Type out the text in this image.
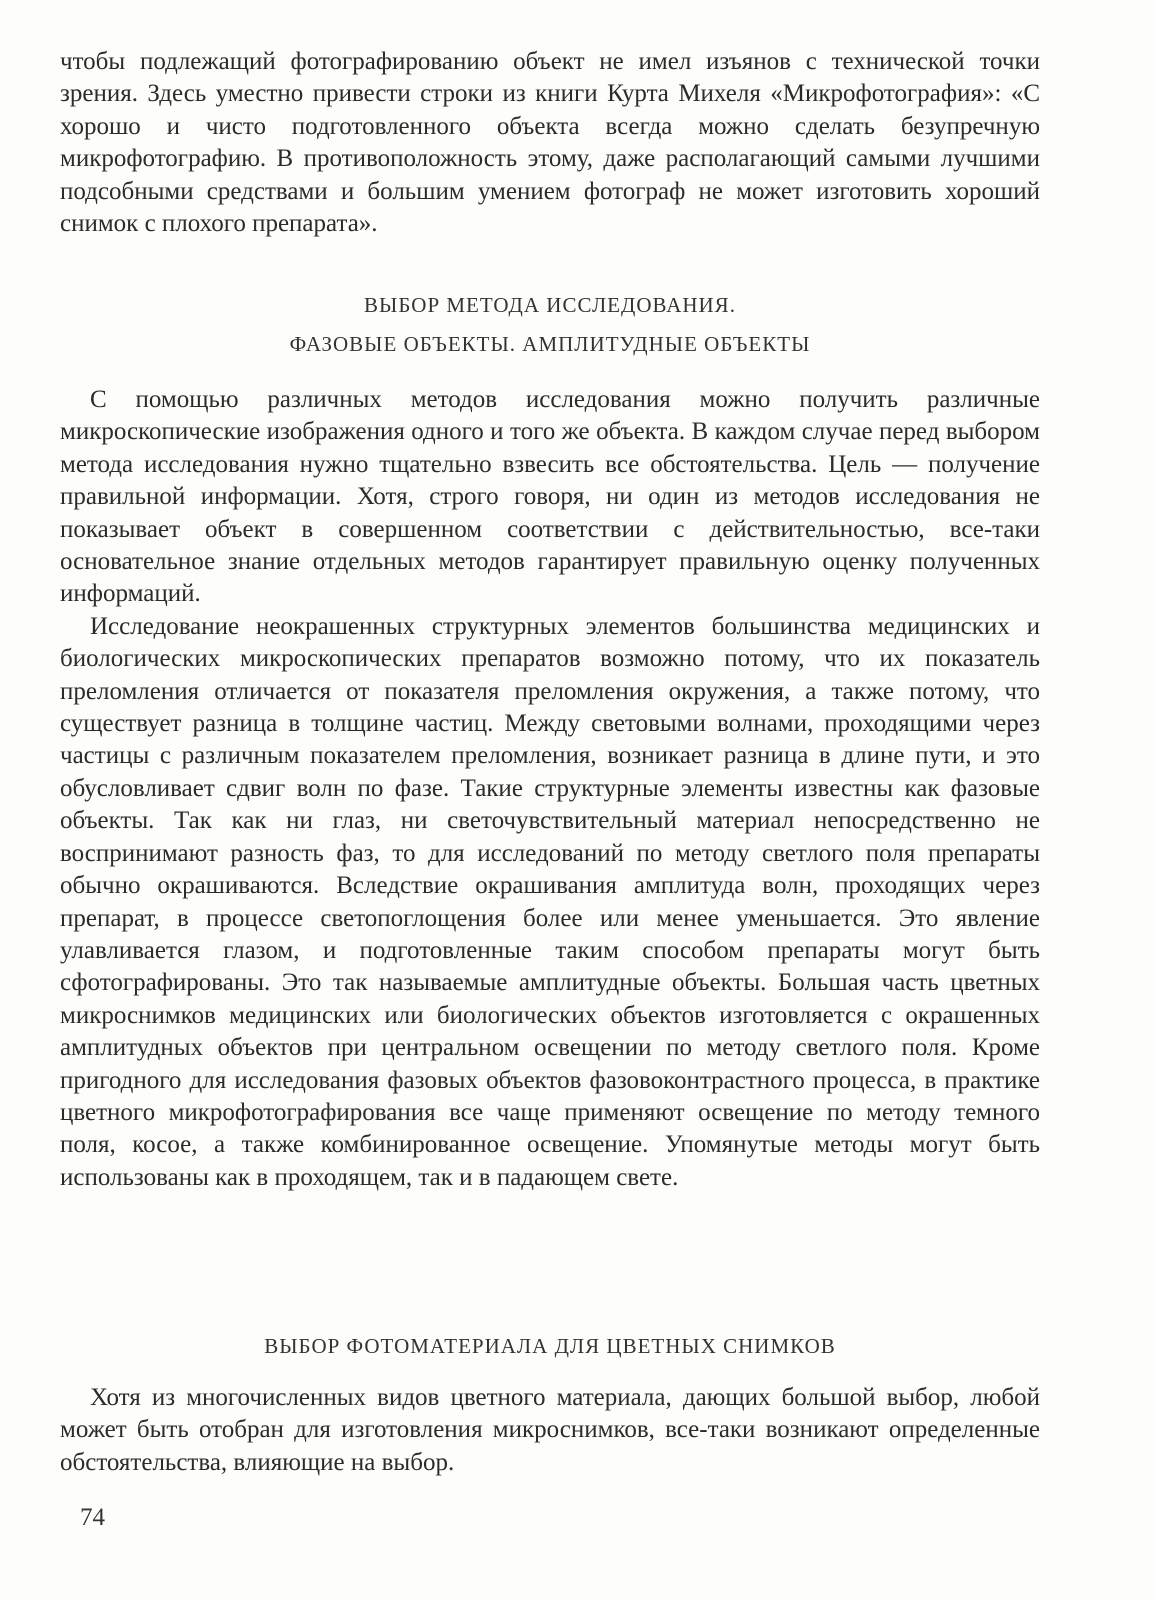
чтобы подлежащий фотографированию объект не имел изъянов с технической точки зрения. Здесь уместно привести строки из книги Курта Михеля «Микрофотография»: «С хорошо и чисто подготовленного объекта всегда можно сделать безупречную микрофотографию. В противоположность этому, даже располагающий самыми лучшими подсобными средствами и большим умением фотограф не может изготовить хороший снимок с плохого препарата».

ВЫБОР МЕТОДА ИССЛЕДОВАНИЯ.
ФАЗОВЫЕ ОБЪЕКТЫ. АМПЛИТУДНЫЕ ОБЪЕКТЫ

С помощью различных методов исследования можно получить различные микроскопические изображения одного и того же объекта. В каждом случае перед выбором метода исследования нужно тщательно взвесить все обстоятельства. Цель — получение правильной информации. Хотя, строго говоря, ни один из методов исследования не показывает объект в совершенном соответствии с действительностью, все-таки основательное знание отдельных методов гарантирует правильную оценку полученных информаций.

Исследование неокрашенных структурных элементов большинства медицинских и биологических микроскопических препаратов возможно потому, что их показатель преломления отличается от показателя преломления окружения, а также потому, что существует разница в толщине частиц. Между световыми волнами, проходящими через частицы с различным показателем преломления, возникает разница в длине пути, и это обусловливает сдвиг волн по фазе. Такие структурные элементы известны как фазовые объекты. Так как ни глаз, ни светочувствительный материал непосредственно не воспринимают разность фаз, то для исследований по методу светлого поля препараты обычно окрашиваются. Вследствие окрашивания амплитуда волн, проходящих через препарат, в процессе светопоглощения более или менее уменьшается. Это явление улавливается глазом, и подготовленные таким способом препараты могут быть сфотографированы. Это так называемые амплитудные объекты. Большая часть цветных микроснимков медицинских или биологических объектов изготовляется с окрашенных амплитудных объектов при центральном освещении по методу светлого поля. Кроме пригодного для исследования фазовых объектов фазовоконтрастного процесса, в практике цветного микрофотографирования все чаще применяют освещение по методу темного поля, косое, а также комбинированное освещение. Упомянутые методы могут быть использованы как в проходящем, так и в падающем свете.

ВЫБОР ФОТОМАТЕРИАЛА ДЛЯ ЦВЕТНЫХ СНИМКОВ

Хотя из многочисленных видов цветного материала, дающих большой выбор, любой может быть отобран для изготовления микроснимков, все-таки возникают определенные обстоятельства, влияющие на выбор.

74
